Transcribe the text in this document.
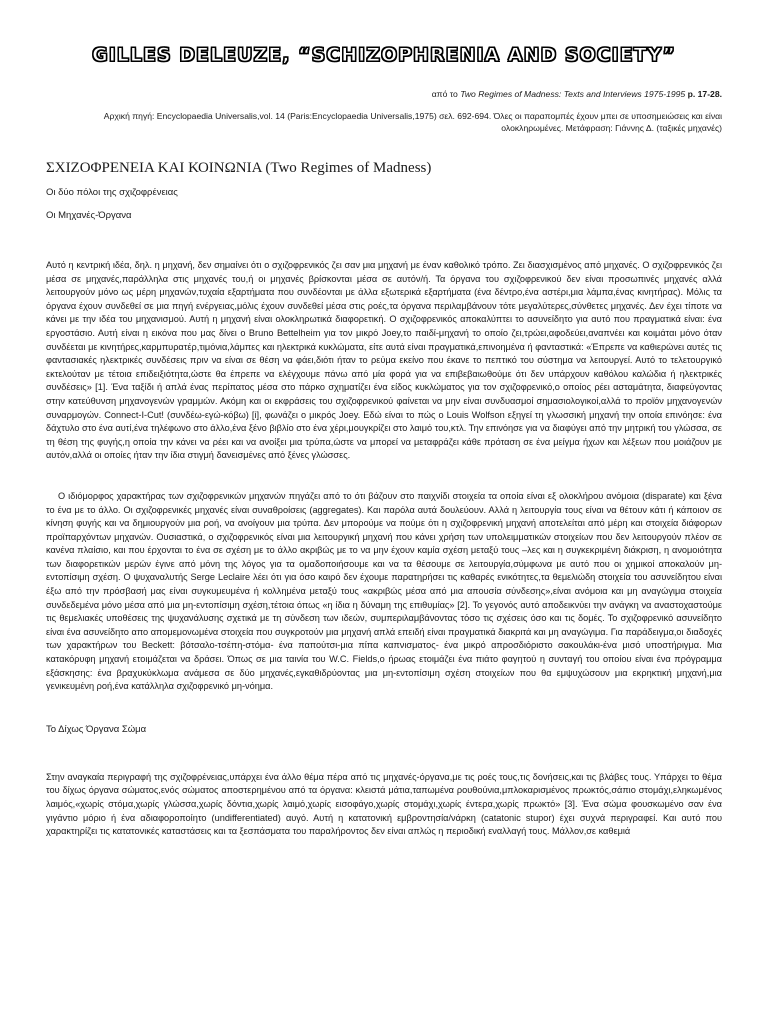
GILLES DELEUZE, “SCHIZOPHRENIA AND SOCIETY”
από το Two Regimes of Madness: Texts and Interviews 1975-1995 p. 17-28.
Αρχική πηγή: Encyclopaedia Universalis,vol. 14 (Paris:Encyclopaedia Universalis,1975) σελ. 692-694. Όλες οι παραπομπές έχουν μπει σε υποσημειώσεις και είναι ολοκληρωμένες. Μετάφραση: Γιάννης Δ. (ταξικές μηχανές)
ΣΧΙΖΟΦΡΕΝΕΙΑ ΚΑΙ ΚΟΙΝΩΝΙΑ (Two Regimes of Madness)
Οι δύο πόλοι της σχιζοφρένειας
Οι Μηχανές-Όργανα

Αυτό η κεντρική ιδέα, δηλ. η μηχανή, δεν σημαίνει ότι ο σχιζοφρενικός ζει σαν μια μηχανή με έναν καθολικό τρόπο. Ζει διασχισμένος από μηχανές. Ο σχιζοφρενικός ζει μέσα σε μηχανές,παράλληλα στις μηχανές του,ή οι μηχανές βρίσκονται μέσα σε αυτόν/ή. Τα όργανα του σχιζοφρενικού δεν είναι προσωπινές μηχανές αλλά λειτουργούν μόνο ως μέρη μηχανών,τυχαία εξαρτήματα που συνδέονται με άλλα εξωτερικά εξαρτήματα (ένα δέντρο,ένα αστέρι,μια λάμπα,ένας κινητήρας). Μόλις τα όργανα έχουν συνδεθεί σε μια πηγή ενέργειας,μόλις έχουν συνδεθεί μέσα στις ροές,τα όργανα περιλαμβάνουν τότε μεγαλύτερες,σύνθετες μηχανές. Δεν έχει τίποτε να κάνει με την ιδέα του μηχανισμού. Αυτή η μηχανή είναι ολοκληρωτικά διαφορετική. Ο σχιζοφρενικός αποκαλύπτει το ασυνείδητο για αυτό που πραγματικά είναι: ένα εργοστάσιο. Αυτή είναι η εικόνα που μας δίνει ο Bruno Bettelheim για τον μικρό Joey,το παιδί-μηχανή το οποίο ζει,τρώει,αφοδεύει,αναπνέει και κοιμάται μόνο όταν συνδέεται με κινητήρες,καρμπυρατέρ,τιμόνια,λάμπες και ηλεκτρικά κυκλώματα, είτε αυτά είναι πραγματικά,επινοημένα ή φανταστικά: «Έπρεπε να καθιερώνει αυτές τις φαντασιακές ηλεκτρικές συνδέσεις πριν να είναι σε θέση να φάει,διότι ήταν το ρεύμα εκείνο που έκανε το πεπτικό του σύστημα να λειτουργεί. Αυτό το τελετουργικό εκτελούταν με τέτοια επιδειξιότητα,ώστε θα έπρεπε να ελέγχουμε πάνω από μία φορά για να επιβεβαιωθούμε ότι δεν υπάρχουν καθόλου καλώδια ή ηλεκτρικές συνδέσεις» [1]. Ένα ταξίδι ή απλά ένας περίπατος μέσα στο πάρκο σχηματίζει ένα είδος κυκλώματος για τον σχιζοφρενικό,ο οποίος ρέει ασταμάτητα, διαφεύγοντας στην κατεύθυνση μηχανογενών γραμμών. Ακόμη και οι εκφράσεις του σχιζοφρενικού φαίνεται να μην είναι συνδυασμοί σημασιολογικοί,αλλά το προϊόν μηχανογενών συναρμογών. Connect-I-Cut! (συνδέω-εγώ-κόβω) [i], φωνάζει ο μικρός Joey. Εδώ είναι το πώς ο Louis Wolfson εξηγεί τη γλωσσική μηχανή την οποία επινόησε: ένα δάχτυλο στο ένα αυτί,ένα τηλέφωνο στο άλλο,ένα ξένο βιβλίο στο ένα χέρι,μουγκρίζει στο λαιμό του,κτλ. Την επινόησε για να διαφύγει από την μητρική του γλώσσα, σε τη θέση της φυγής,η οποία την κάνει να ρέει και να ανοίξει μια τρύπα,ώστε να μπορεί να μεταφράζει κάθε πρόταση σε ένα μείγμα ήχων και λέξεων που μοιάζουν με αυτόν,αλλά οι οποίες ήταν την ίδια στιγμή δανεισμένες από ξένες γλώσσες.

Ο ιδιόμορφος χαρακτήρας των σχιζοφρενικών μηχανών πηγάζει από το ότι βάζουν στο παιχνίδι στοιχεία τα οποία είναι εξ ολοκλήρου ανόμοια (disparate) και ξένα το ένα με το άλλο. Οι σχιζοφρενικές μηχανές είναι συναθροίσεις (aggregates). Και παρόλα αυτά δουλεύουν. Αλλά η λειτουργία τους είναι να θέτουν κάτι ή κάποιον σε κίνηση φυγής και να δημιουργούν μια ροή, να ανοίγουν μια τρύπα. Δεν μπορούμε να πούμε ότι η σχιζοφρενική μηχανή αποτελείται από μέρη και στοιχεία διάφορων προϊπαρχόντων μηχανών. Ουσιαστικά, ο σχιζοφρενικός είναι μια λειτουργική μηχανή που κάνει χρήση των υπολειμματικών στοιχείων που δεν λειτουργούν πλέον σε κανένα πλαίσιο, και που έρχονται το ένα σε σχέση με το άλλο ακριβώς με το να μην έχουν καμία σχέση μεταξύ τους –λες και η συγκεκριμένη διάκριση, η ανομοιότητα των διαφορετικών μερών έγινε από μόνη της λόγος για τα ομαδοποιήσουμε και να τα θέσουμε σε λειτουργία,σύμφωνα με αυτό που οι χημικοί αποκαλούν μη-εντοπίσιμη σχέση. Ο ψυχαναλυτής Serge Leclaire λέει ότι για όσο καιρό δεν έχουμε παρατηρήσει τις καθαρές ενικότητες,τα θεμελιώδη στοιχεία του ασυνείδητου είναι έξω από την πρόσβασή μας είναι συγκυμευμένα ή κολλημένα μεταξύ τους «ακριβώς μέσα από μια απουσία σύνδεσης»,είναι ανόμοια και μη αναγώγιμα στοιχεία συνδεδεμένα μόνο μέσα από μια μη-εντοπίσιμη σχέση,τέτοια όπως «η ίδια η δύναμη της επιθυμίας» [2]. Το γεγονός αυτό αποδεικνύει την ανάγκη να αναστοχαστούμε τις θεμελιακές υποθέσεις της ψυχανάλυσης σχετικά με τη σύνδεση των ιδεών, συμπεριλαμβάνοντας τόσο τις σχέσεις όσο και τις δομές. Το σχιζοφρενικό ασυνείδητο είναι ένα ασυνείδητο απο απομεμονωμένα στοιχεία που συγκροτούν μια μηχανή απλά επειδή είναι πραγματικά διακριτά και μη αναγώγιμα. Για παράδειγμα,οι διαδοχές των χαρακτήρων του Beckett: βότσαλο-τσέπη-στόμα- ένα παπούτσι-μια πίπα καπνισματος- ένα μικρό απροσδιόριστο σακουλάκι-ένα μισό υποστήριγμα. Μια κατακόρυφη μηχανή ετοιμάζεται να δράσει. Όπως σε μια ταινία του W.C. Fields,ο ήρωας ετοιμάζει ένα πιάτο φαγητού η συνταγή του οποίου είναι ένα πρόγραμμα εξάσκησης: ένα βραχυκύκλωμα ανάμεσα σε δύο μηχανές,εγκαθιδρύοντας μια μη-εντοπίσιμη σχέση στοιχείων που θα εμψυχώσουν μια εκρηκτική μηχανή,μια γενικευμένη ροή,ένα κατάλληλα σχιζοφρενικό μη-νόημα.

Το Δίχως Όργανα Σώμα

Στην αναγκαία περιγραφή της σχιζοφρένειας,υπάρχει ένα άλλο θέμα πέρα από τις μηχανές-όργανα,με τις ροές τους,τις δονήσεις,και τις βλάβες τους. Υπάρχει το θέμα του δίχως όργανα σώματος,ενός σώματος αποστερημένου από τα όργανα: κλειστά μάτια,ταπωμένα ρουθούνια,μπλοκαρισμένος πρωκτός,σάπιο στομάχι,εληκωμένος λαιμός,«χωρίς στόμα,χωρίς γλώσσα,χωρίς δόντια,χωρίς λαιμό,χωρίς εισοφάγο,χωρίς στομάχι,χωρίς έντερα,χωρίς πρωκτό» [3]. Ένα σώμα φουσκωμένο σαν ένα γιγάντιο μόριο ή ένα αδιαφοροποίητο (undifferentiated) αυγό. Αυτή η κατατονική εμβροντησία/νάρκη (catatonic stupor) έχει συχνά περιγραφεί. Και αυτό που χαρακτηρίζει τις κατατονικές καταστάσεις και τα ξεσπάσματα του παραλήροντος δεν είναι απλώς η περιοδική εναλλαγή τους. Μάλλον,σε καθεμιά
